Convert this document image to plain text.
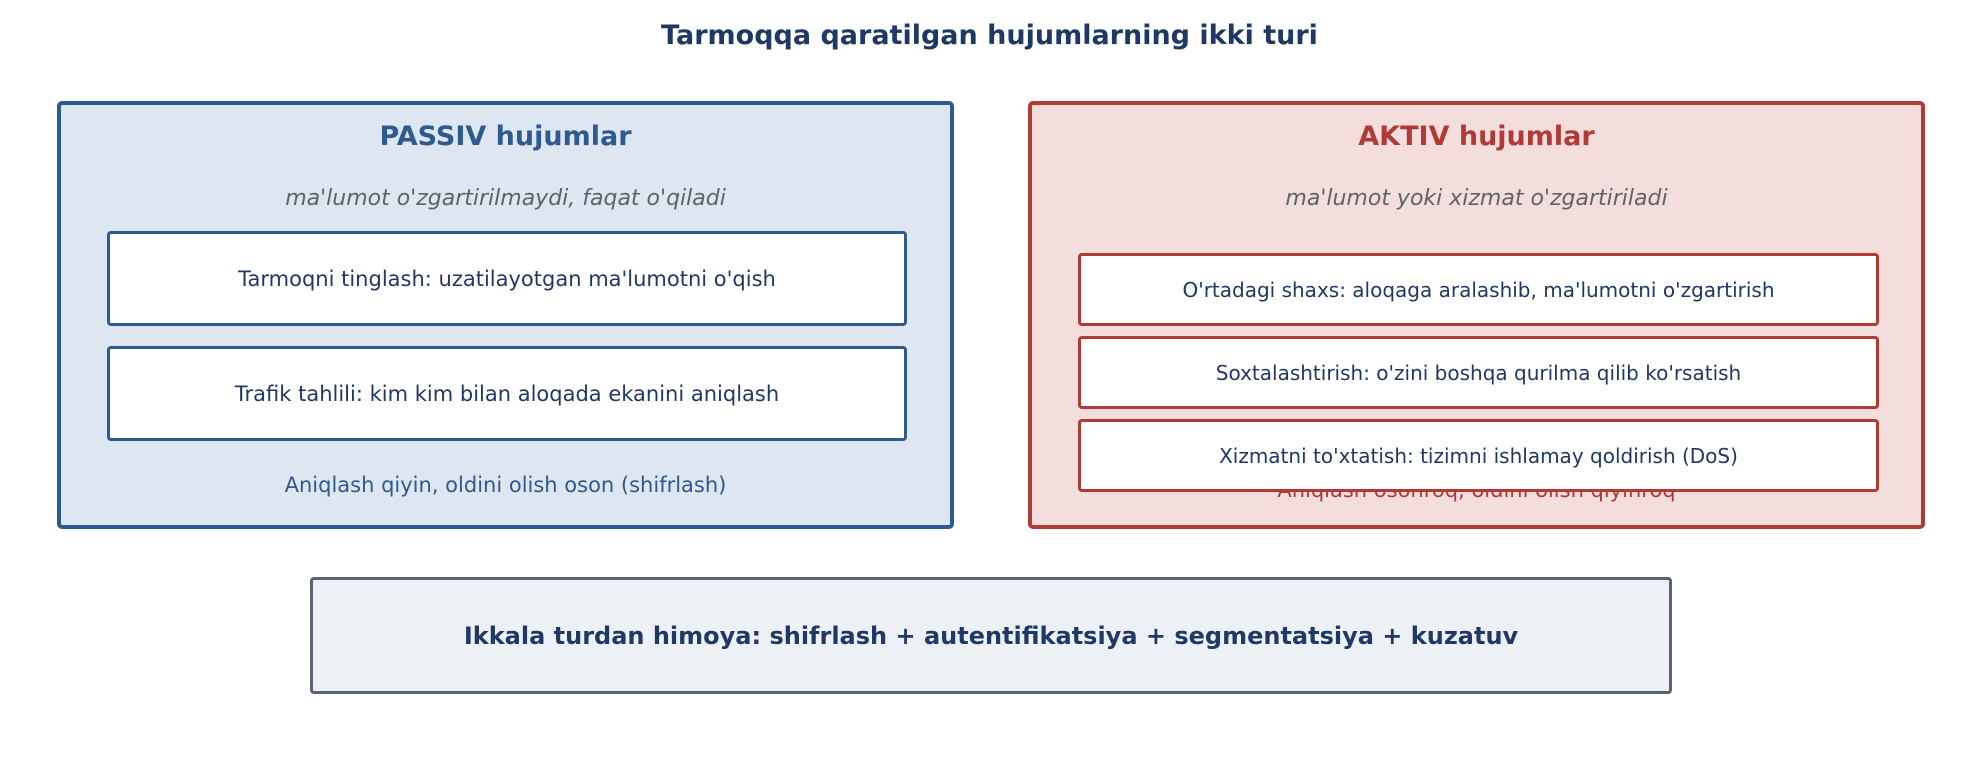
Tarmoqqa qaratilgan hujumlarning ikki turi
PASSIV hujumlar
ma'lumot o'zgartirilmaydi, faqat o'qiladi
Tarmoqni tinglash: uzatilayotgan ma'lumotni o'qish
Trafik tahlili: kim kim bilan aloqada ekanini aniqlash
Aniqlash qiyin, oldini olish oson (shifrlash)
AKTIV hujumlar
ma'lumot yoki xizmat o'zgartiriladi
O'rtadagi shaxs: aloqaga aralashib, ma'lumotni o'zgartirish
Soxtalashtirish: o'zini boshqa qurilma qilib ko'rsatish
Xizmatni to'xtatish: tizimni ishlamay qoldirish (DoS)
Ikkala turdan himoya: shifrlash + autentifikatsiya + segmentatsiya + kuzatuv
